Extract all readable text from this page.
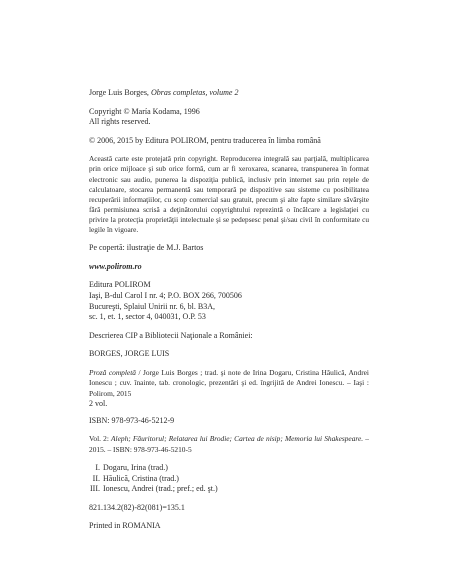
Jorge Luis Borges, Obras completas, volume 2

Copyright © María Kodama, 1996

All rights reserved.

© 2006, 2015 by Editura POLIROM, pentru traducerea în limba română

Această carte este protejată prin copyright. Reproducerea integrală sau parţială, multiplicarea prin orice mijloace şi sub orice formă, cum ar fi xeroxarea, scanarea, transpunerea în format electronic sau audio, punerea la dispoziţia publică, inclusiv prin internet sau prin reţele de calculatoare, stocarea permanentă sau temporară pe dispozitive sau sisteme cu posibilitatea recuperării informaţiilor, cu scop comercial sau gratuit, precum şi alte fapte similare săvârşite fără permisiunea scrisă a deţinătorului copyrightului reprezintă o încălcare a legislaţiei cu privire la protecţia proprietăţii intelectuale şi se pedepsesc penal şi/sau civil în conformitate cu legile în vigoare.

Pe copertă: ilustraţie de M.J. Bartos

www.polirom.ro

Editura POLIROM

Iaşi, B-dul Carol I nr. 4; P.O. BOX 266, 700506

Bucureşti, Splaiul Unirii nr. 6, bl. B3A,

sc. 1, et. 1, sector 4, 040031, O.P. 53

Descrierea CIP a Bibliotecii Naţionale a României:

BORGES, JORGE LUIS

Proză completă / Jorge Luis Borges ; trad. şi note de Irina Dogaru, Cristina Hăulică, Andrei Ionescu ; cuv. înainte, tab. cronologic, prezentări şi ed. îngrijită de Andrei Ionescu. – Iaşi : Polirom, 2015

2 vol.

ISBN: 978-973-46-5212-9

Vol. 2: Aleph; Făuritorul; Relatarea lui Brodie; Cartea de nisip; Memoria lui Shakespeare. – 2015. – ISBN: 978-973-46-5210-5

I. Dogaru, Irina (trad.)

II. Hăulică, Cristina (trad.)

III. Ionescu, Andrei (trad.; pref.; ed. şt.)

821.134.2(82)-82(081)=135.1

Printed in ROMANIA
